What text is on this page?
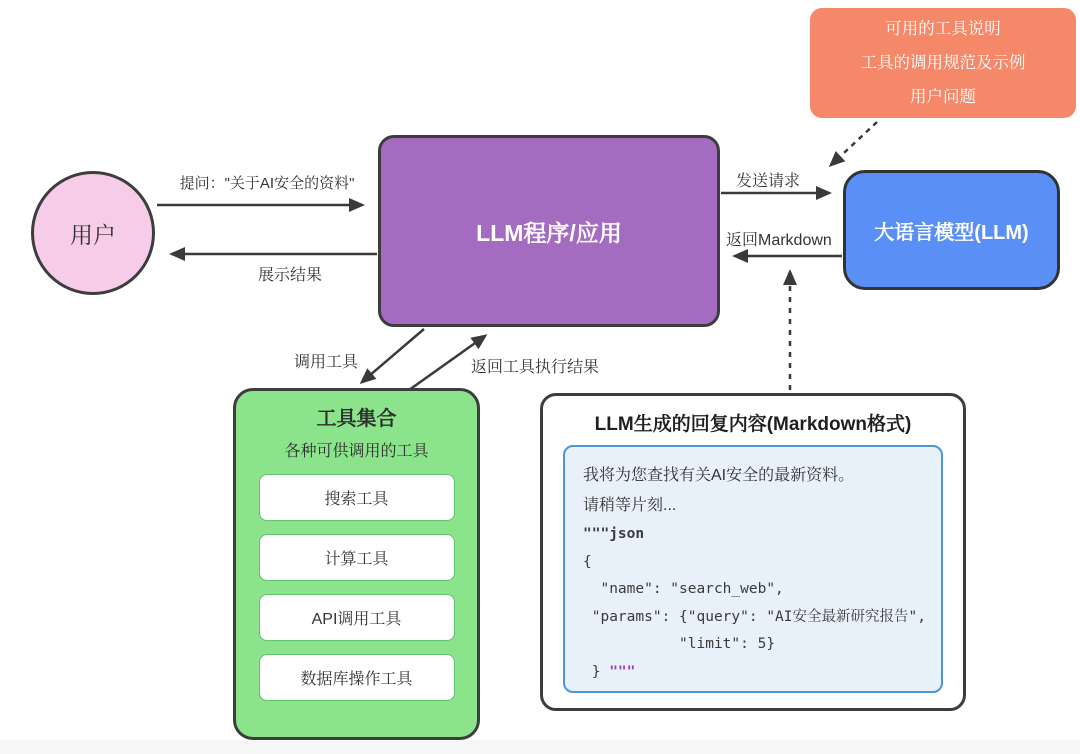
用户	LLM程序/应用	大语言模型(LLM)
可用的工具说明
工具的调用规范及示例
用户问题
工具集合
各种可供调用的工具
搜索工具
计算工具
API调用工具
数据库操作工具
LLM生成的回复内容(Markdown格式)
我将为您查找有关AI安全的最新资料。
请稍等片刻...
"""json
{
"name": "search_web",
"params": {"query": "AI安全最新研究报告",
"limit": 5}
} """
提问："关于AI安全的资料"
展示结果
发送请求
返回Markdown
调用工具	返回工具执行结果
